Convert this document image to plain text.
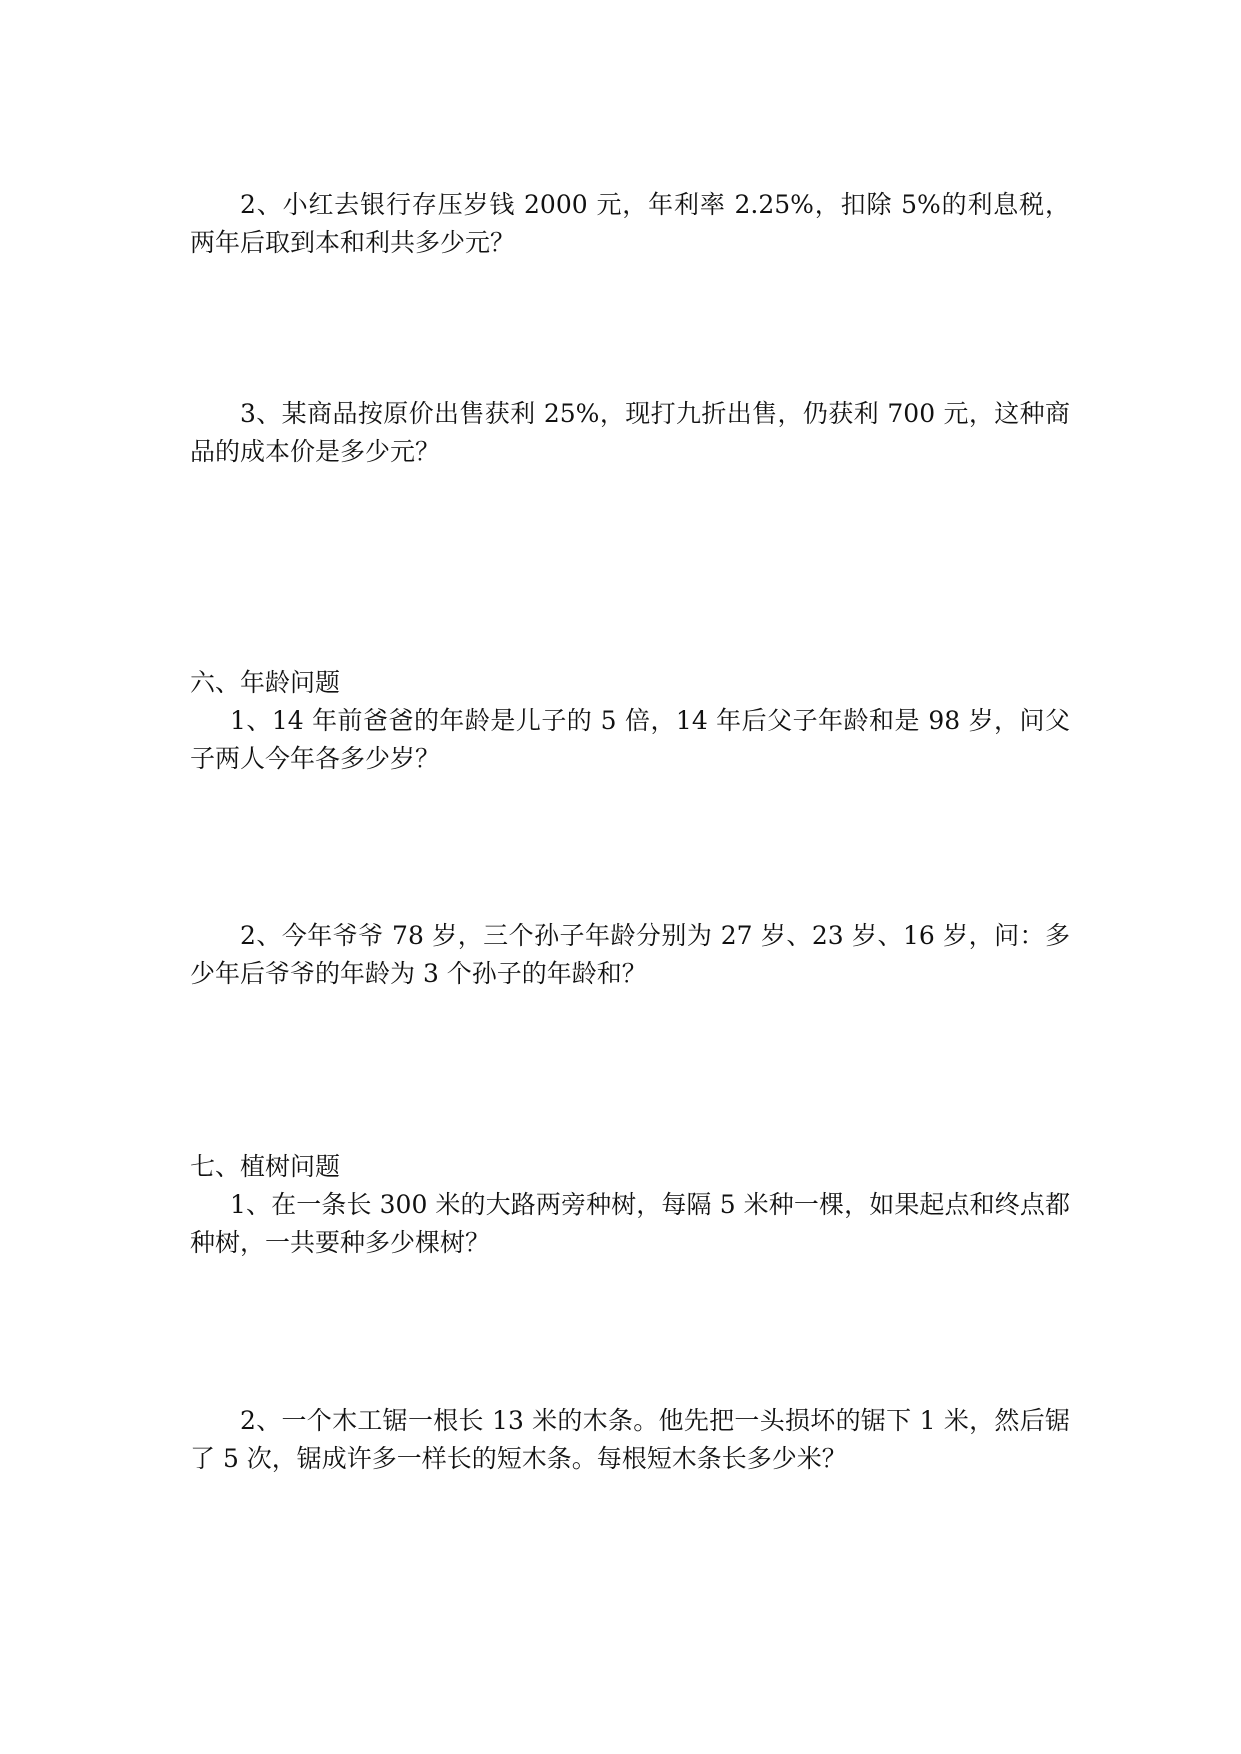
2、小红去银行存压岁钱 2000 元，年利率 2.25%，扣除 5%的利息税，两年后取到本和利共多少元？

3、某商品按原价出售获利 25%，现打九折出售，仍获利 700 元，这种商品的成本价是多少元？

六、年龄问题

1、14 年前爸爸的年龄是儿子的 5 倍，14 年后父子年龄和是 98 岁，问父子两人今年各多少岁？

2、今年爷爷 78 岁，三个孙子年龄分别为 27 岁、23 岁、16 岁，问：多少年后爷爷的年龄为 3 个孙子的年龄和？

七、植树问题

1、在一条长 300 米的大路两旁种树，每隔 5 米种一棵，如果起点和终点都种树，一共要种多少棵树？

2、一个木工锯一根长 13 米的木条。他先把一头损坏的锯下 1 米，然后锯了 5 次，锯成许多一样长的短木条。每根短木条长多少米？
